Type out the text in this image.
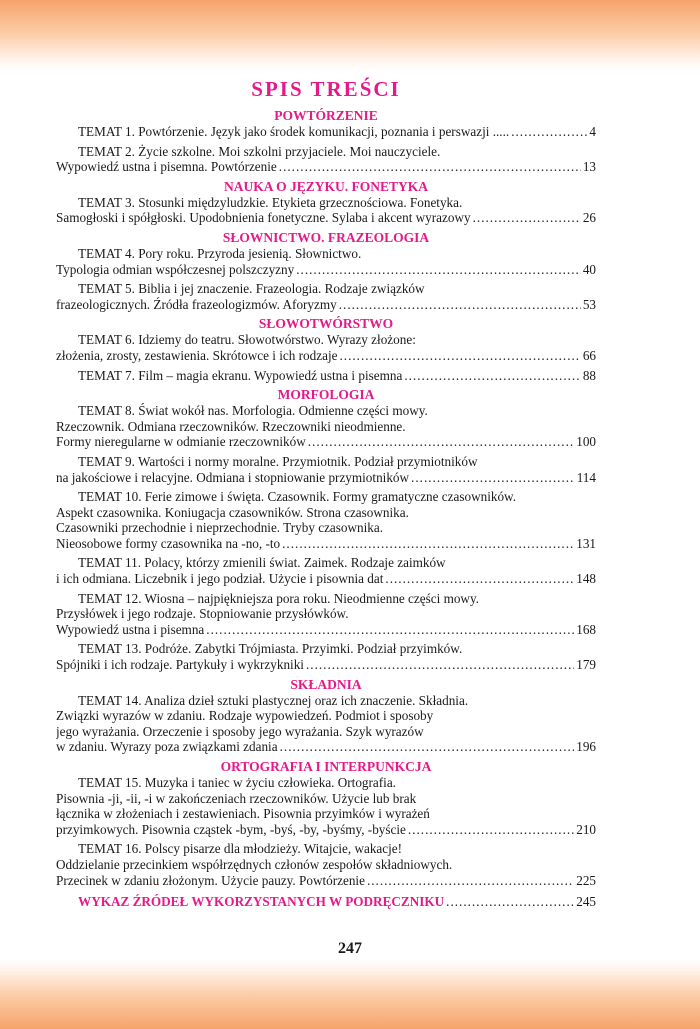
SPIS TREŚCI
POWTÓRZENIE
TEMAT 1. Powtórzenie. Język jako środek komunikacji, poznania i perswazji ..... .....	4
TEMAT 2. Życie szkolne. Moi szkolni przyjaciele. Moi nauczyciele.
Wypowiedź ustna i pisemna. Powtórzenie .....	13
NAUKA O JĘZYKU. FONETYKA
TEMAT 3. Stosunki międzyludzkie. Etykieta grzecznościowa. Fonetyka.
Samogłoski i spółgłoski. Upodobnienia fonetyczne. Sylaba i akcent wyrazowy .....	26
SŁOWNICTWO. FRAZEOLOGIA
TEMAT 4. Pory roku. Przyroda jesienią. Słownictwo.
Typologia odmian współczesnej polszczyzny .....	40
TEMAT 5. Biblia i jej znaczenie. Frazeologia. Rodzaje związków
frazeologicznych. Źródła frazeologizmów. Aforyzmy .....	53
SŁOWOTWÓRSTWO
TEMAT 6. Idziemy do teatru. Słowotwórstwo. Wyrazy złożone:
złożenia, zrosty, zestawienia. Skrótowce i ich rodzaje .....	66
TEMAT 7. Film – magia ekranu. Wypowiedź ustna i pisemna .....	88
MORFOLOGIA
TEMAT 8. Świat wokół nas. Morfologia. Odmienne części mowy.
Rzeczownik. Odmiana rzeczowników. Rzeczowniki nieodmienne.
Formy nieregularne w odmianie rzeczowników .....	100
TEMAT 9. Wartości i normy moralne. Przymiotnik. Podział przymiotników
na jakościowe i relacyjne. Odmiana i stopniowanie przymiotników .....	114
TEMAT 10. Ferie zimowe i święta. Czasownik. Formy gramatyczne czasowników.
Aspekt czasownika. Koniugacja czasowników. Strona czasownika.
Czasowniki przechodnie i nieprzechodnie. Tryby czasownika.
Nieosobowe formy czasownika na -no, -to .....	131
TEMAT 11. Polacy, którzy zmienili świat. Zaimek. Rodzaje zaimków
i ich odmiana. Liczebnik i jego podział. Użycie i pisownia dat .....	148
TEMAT 12. Wiosna – najpiękniejsza pora roku. Nieodmienne części mowy.
Przysłówek i jego rodzaje. Stopniowanie przysłówków.
Wypowiedź ustna i pisemna .....	168
TEMAT 13. Podróże. Zabytki Trójmiasta. Przyimki. Podział przyimków.
Spójniki i ich rodzaje. Partykuły i wykrzykniki .....	179
SKŁADNIA
TEMAT 14. Analiza dzieł sztuki plastycznej oraz ich znaczenie. Składnia.
Związki wyrazów w zdaniu. Rodzaje wypowiedzeń. Podmiot i sposoby
jego wyrażania. Orzeczenie i sposoby jego wyrażania. Szyk wyrazów
w zdaniu. Wyrazy poza związkami zdania .....	196
ORTOGRAFIA I INTERPUNKCJA
TEMAT 15. Muzyka i taniec w życiu człowieka. Ortografia.
Pisownia -ji, -ii, -i w zakończeniach rzeczowników. Użycie lub brak
łącznika w złożeniach i zestawieniach. Pisownia przyimków i wyrażeń
przyimkowych. Pisownia cząstek -bym, -byś, -by, -byśmy, -byście .....	210
TEMAT 16. Polscy pisarze dla młodzieży. Witajcie, wakacje!
Oddzielanie przecinkiem współrzędnych członów zespołów składniowych.
Przecinek w zdaniu złożonym. Użycie pauzy. Powtórzenie .....	225
WYKAZ ŹRÓDEŁ WYKORZYSTANYCH W PODRĘCZNIKU .....	245
247
